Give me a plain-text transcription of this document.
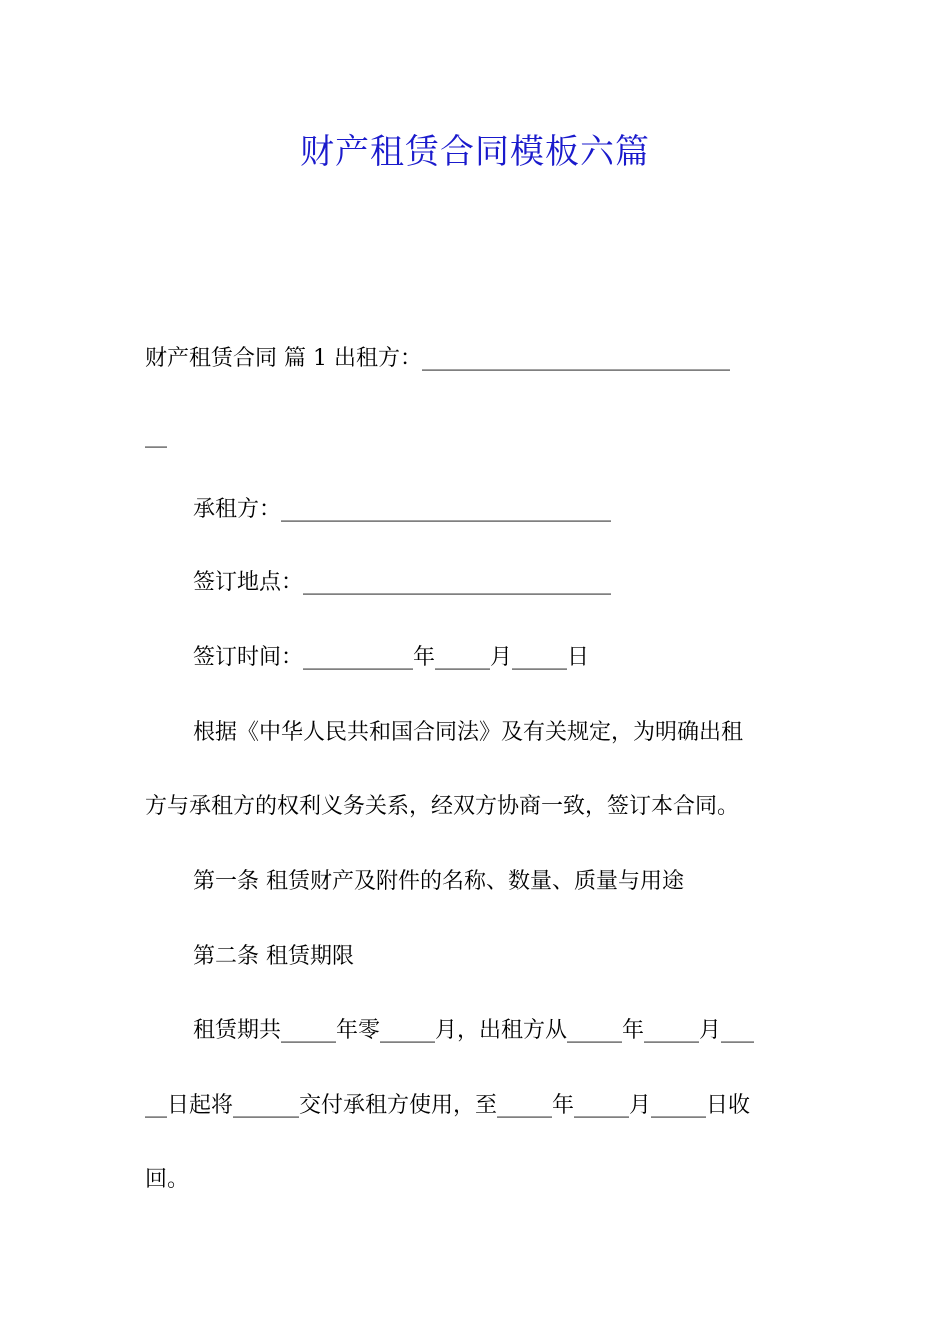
财产租赁合同模板六篇
财产租赁合同 篇 1 出租方：____________________________
__
承租方：______________________________
签订地点：____________________________
签订时间：__________年_____月_____日
根据《中华人民共和国合同法》及有关规定，为明确出租
方与承租方的权利义务关系，经双方协商一致，签订本合同。
第一条 租赁财产及附件的名称、数量、质量与用途
第二条 租赁期限
租赁期共_____年零_____月，出租方从_____年_____月___
__日起将______交付承租方使用，至_____年_____月_____日收
回。
